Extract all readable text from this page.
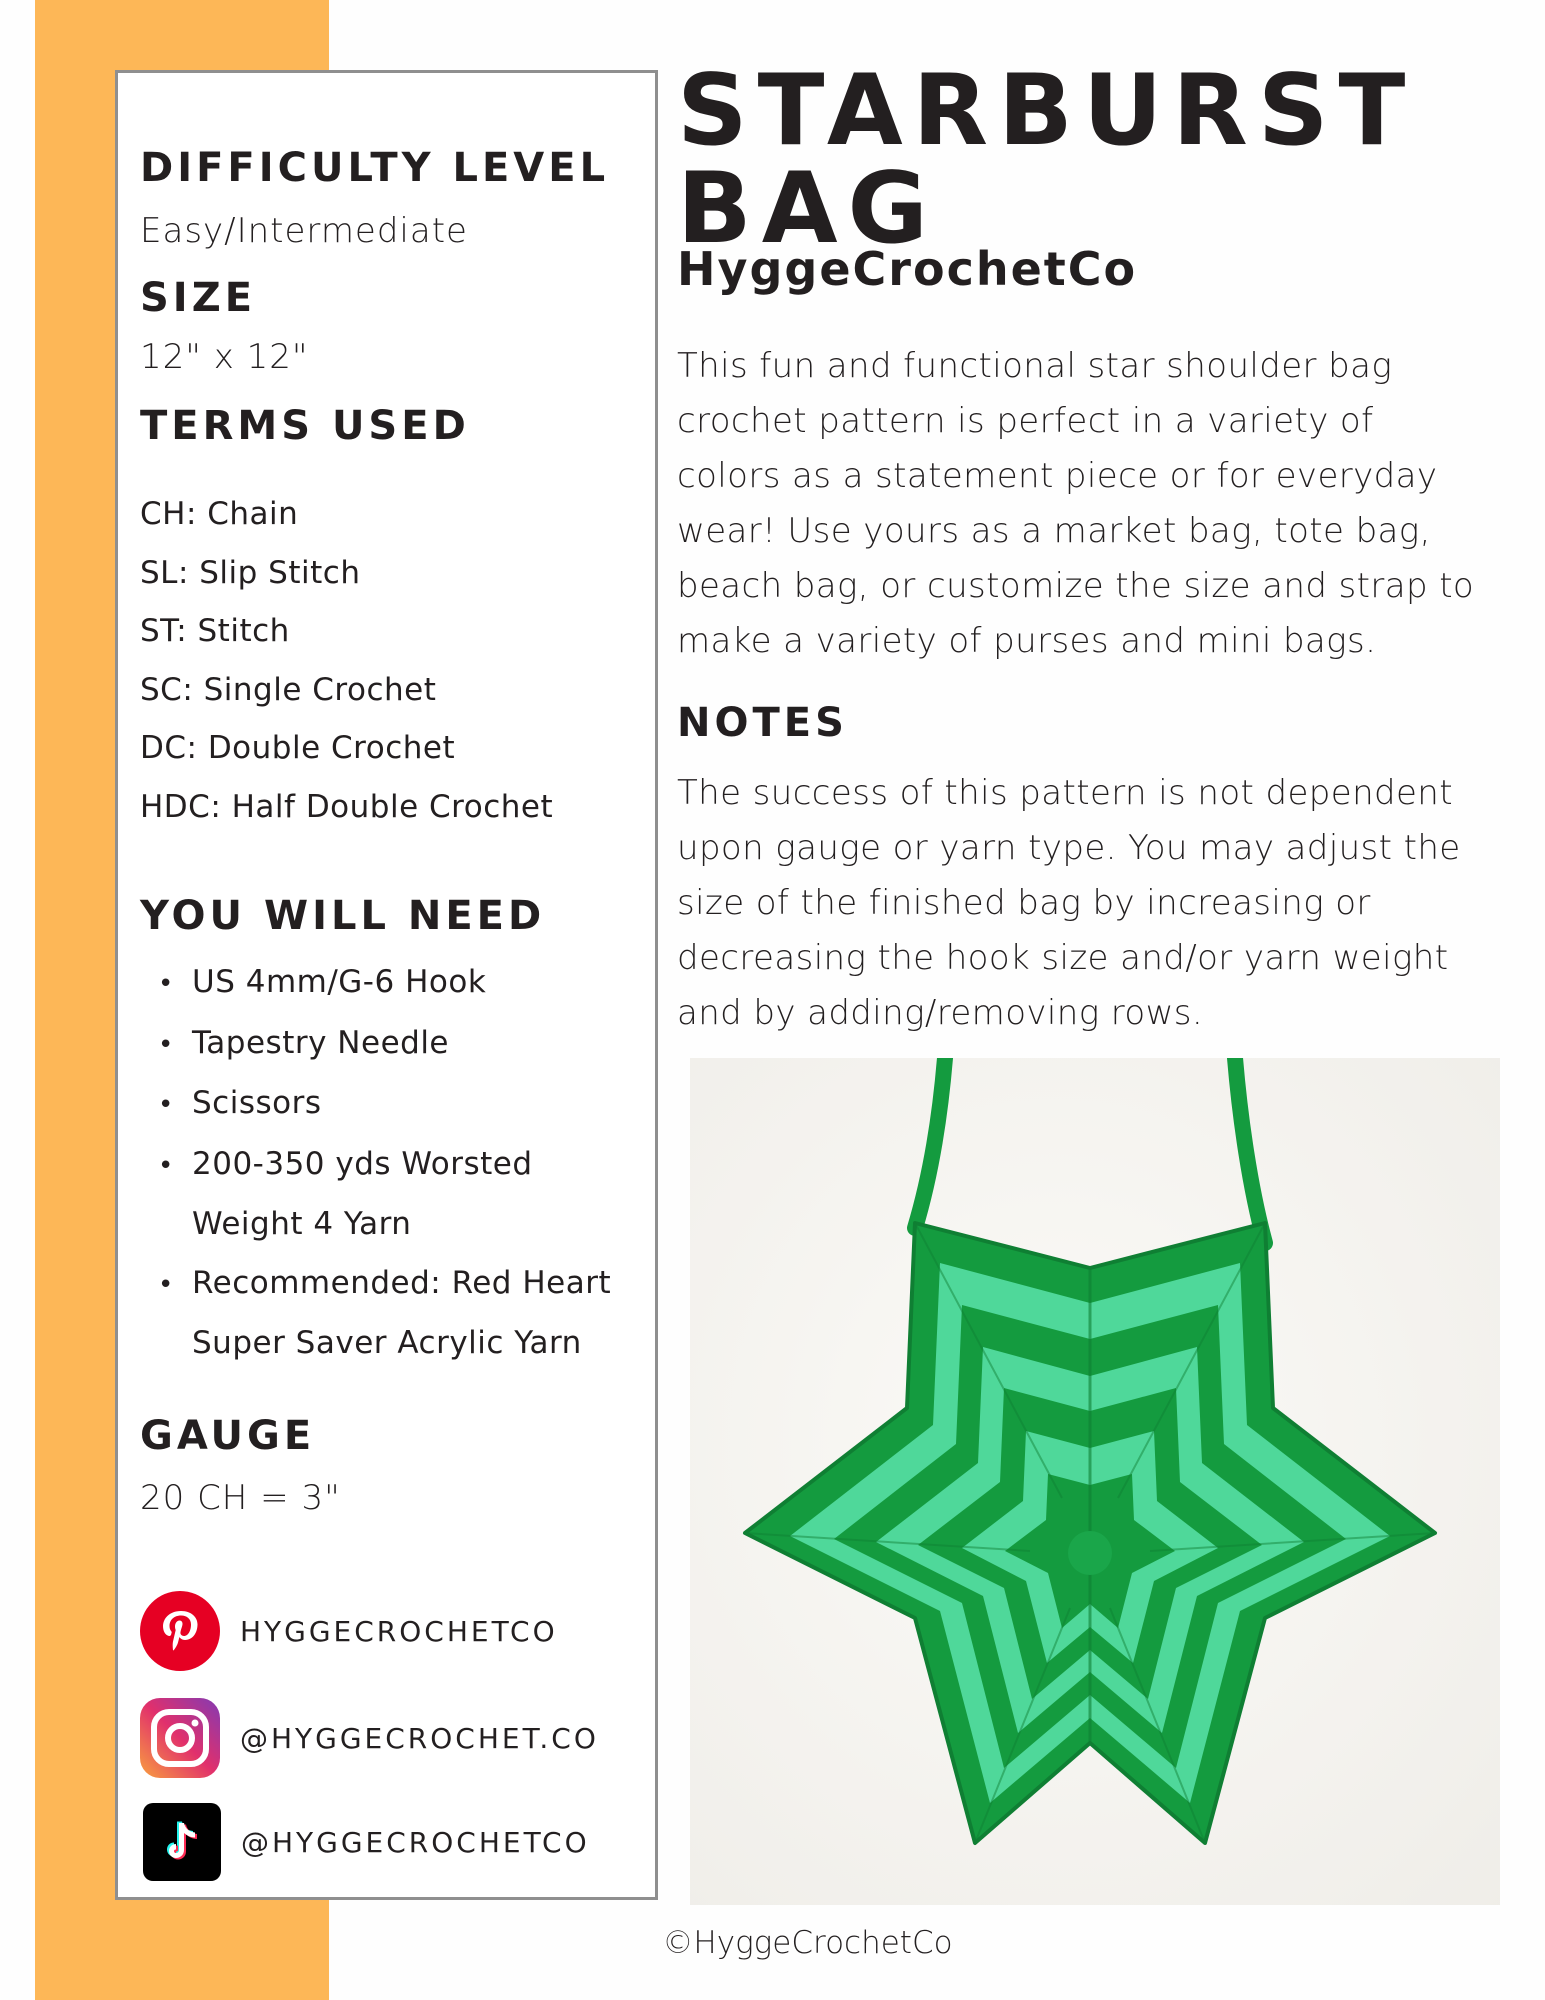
DIFFICULTY LEVEL
Easy/Intermediate
SIZE
12" x 12"
TERMS USED
CH: Chain
SL: Slip Stitch
ST: Stitch
SC: Single Crochet
DC: Double Crochet
HDC: Half Double Crochet
YOU WILL NEED
• US 4mm/G-6 Hook
• Tapestry Needle
• Scissors
• 200-350 yds Worsted
Weight 4 Yarn
• Recommended: Red Heart
Super Saver Acrylic Yarn
GAUGE
20 CH = 3"
HYGGECROCHETCO
@HYGGECROCHET.CO
@HYGGECROCHETCO
STARBURST
BAG
HyggeCrochetCo

This fun and functional star shoulder bag crochet pattern is perfect in a variety of colors as a statement piece or for everyday wear! Use yours as a market bag, tote bag, beach bag, or customize the size and strap to make a variety of purses and mini bags.

NOTES

The success of this pattern is not dependent upon gauge or yarn type. You may adjust the size of the finished bag by increasing or decreasing the hook size and/or yarn weight and by adding/removing rows.

©HyggeCrochetCo
